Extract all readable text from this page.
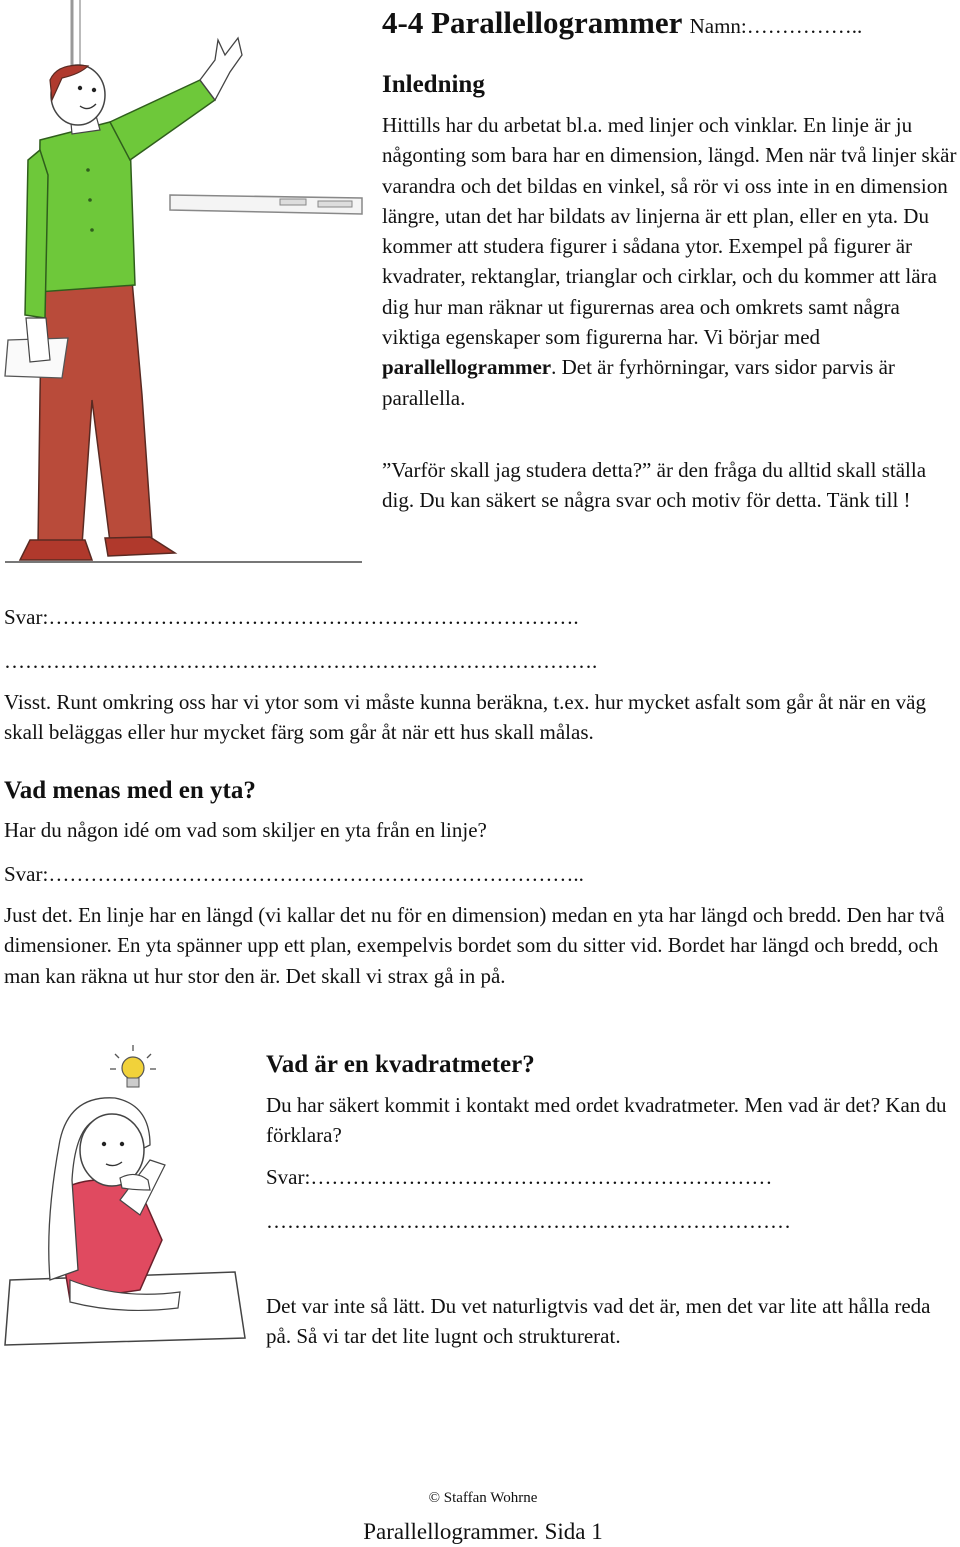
4-4 Parallellogrammer Namn:……………..
Inledning

Hittills har du arbetat bl.a. med linjer och vinklar. En linje är ju någonting som bara har en dimension, längd. Men när två linjer skär varandra och det bildas en vinkel, så rör vi oss inte in en dimension längre, utan det har bildats av linjerna är ett plan, eller en yta. Du kommer att studera figurer i sådana ytor. Exempel på figurer är kvadrater, rektanglar, trianglar och cirklar, och du kommer att lära dig hur man räknar ut figurernas area och omkrets samt några viktiga egenskaper som figurerna har. Vi börjar med parallellogrammer. Det är fyrhörningar, vars sidor parvis är parallella.

”Varför skall jag studera detta?” är den fråga du alltid skall ställa dig. Du kan säkert se några svar och motiv för detta. Tänk till !

Svar:………………………………………………………………….
………………………………………………………………………….

Visst. Runt omkring oss har vi ytor som vi måste kunna beräkna, t.ex. hur mycket asfalt som går åt när en väg skall beläggas eller hur mycket färg som går åt när ett hus skall målas.

Vad menas med en yta?

Har du någon idé om vad som skiljer en yta från en linje?

Svar:…………………………………………………………………..

Just det. En linje har en längd (vi kallar det nu för en dimension) medan en yta har längd och bredd. Den har två dimensioner. En yta spänner upp ett plan, exempelvis bordet som du sitter vid. Bordet har längd och bredd, och man kan räkna ut hur stor den är. Det skall vi strax gå in på.

Vad är en kvadratmeter?

Du har säkert kommit i kontakt med ordet kvadratmeter. Men vad är det? Kan du förklara?

Svar:…………………………………………………………
…………………………………………………………………

Det var inte så lätt. Du vet naturligtvis vad det är, men det var lite att hålla reda på. Så vi tar det lite lugnt och strukturerat.

© Staffan Wohrne
Parallellogrammer. Sida 1
